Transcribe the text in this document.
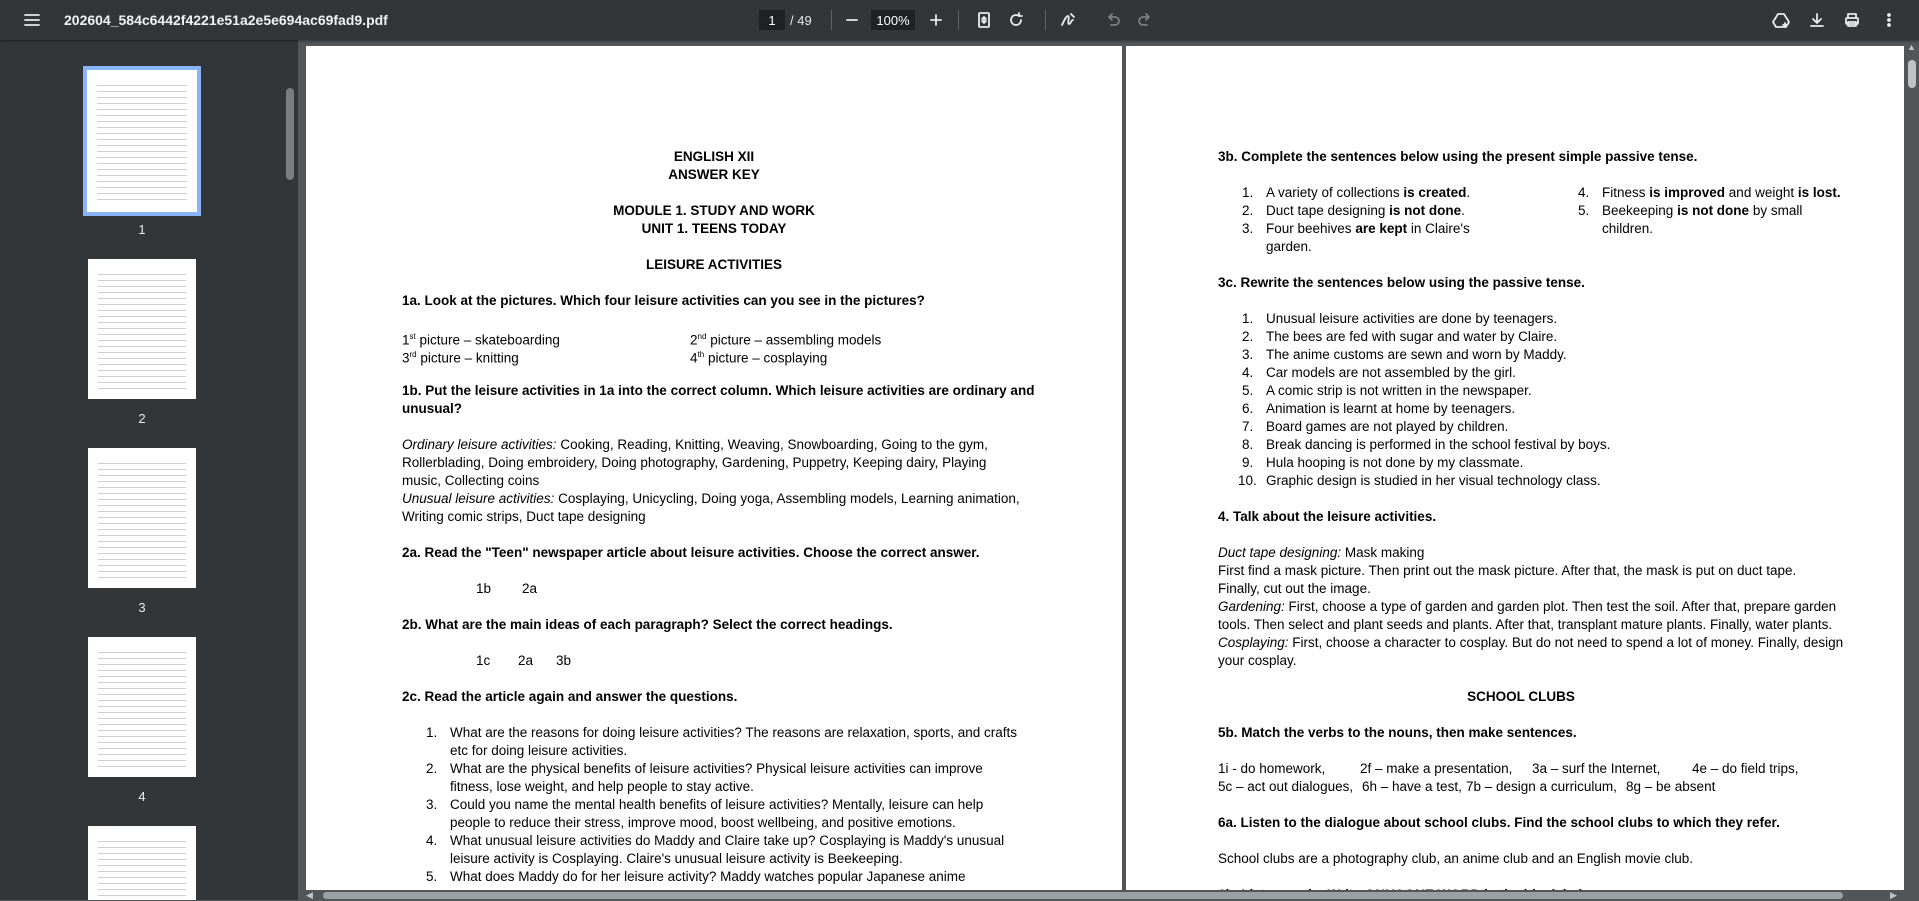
202604_584c6442f4221e51a2e5e694ac69fad9.pdf	1	/ 49	100%
1
2
3
4
ENGLISH XII
ANSWER KEY
MODULE 1. STUDY AND WORK
UNIT 1. TEENS TODAY
LEISURE ACTIVITIES
1a. Look at the pictures. Which four leisure activities can you see in the pictures?
1st picture – skateboarding	2nd picture – assembling models
3rd picture – knitting	4th picture – cosplaying
1b. Put the leisure activities in 1a into the correct column. Which leisure activities are ordinary and
unusual?
Ordinary leisure activities: Cooking, Reading, Knitting, Weaving, Snowboarding, Going to the gym,
Rollerblading, Doing embroidery, Doing photography, Gardening, Puppetry, Keeping dairy, Playing
music, Collecting coins
Unusual leisure activities: Cosplaying, Unicycling, Doing yoga, Assembling models, Learning animation,
Writing comic strips, Duct tape designing
2a. Read the "Teen" newspaper article about leisure activities. Choose the correct answer.
1b 2a
2b. What are the main ideas of each paragraph? Select the correct headings.
1c 2a 3b
2c. Read the article again and answer the questions.
1. What are the reasons for doing leisure activities? The reasons are relaxation, sports, and crafts
etc for doing leisure activities.
2. What are the physical benefits of leisure activities? Physical leisure activities can improve
fitness, lose weight, and help people to stay active.
3. Could you name the mental health benefits of leisure activities? Mentally, leisure can help
people to reduce their stress, improve mood, boost wellbeing, and positive emotions.
4. What unusual leisure activities do Maddy and Claire take up? Cosplaying is Maddy's unusual
leisure activity is Cosplaying. Claire's unusual leisure activity is Beekeeping.
5. What does Maddy do for her leisure activity? Maddy watches popular Japanese anime

3b. Complete the sentences below using the present simple passive tense.
1. A variety of collections is created.
2. Duct tape designing is not done.
3. Four beehives are kept in Claire's
garden.
4. Fitness is improved and weight is lost.
5. Beekeeping is not done by small
children.
3c. Rewrite the sentences below using the passive tense.
1. Unusual leisure activities are done by teenagers.
2. The bees are fed with sugar and water by Claire.
3. The anime customs are sewn and worn by Maddy.
4. Car models are not assembled by the girl.
5. A comic strip is not written in the newspaper.
6. Animation is learnt at home by teenagers.
7. Board games are not played by children.
8. Break dancing is performed in the school festival by boys.
9. Hula hooping is not done by my classmate.
10. Graphic design is studied in her visual technology class.
4. Talk about the leisure activities.
Duct tape designing: Mask making
First find a mask picture. Then print out the mask picture. After that, the mask is put on duct tape.
Finally, cut out the image.
Gardening: First, choose a type of garden and garden plot. Then test the soil. After that, prepare garden
tools. Then select and plant seeds and plants. After that, transplant mature plants. Finally, water plants.
Cosplaying: First, choose a character to cosplay. But do not need to spend a lot of money. Finally, design
your cosplay.
SCHOOL CLUBS
5b. Match the verbs to the nouns, then make sentences.
1i - do homework,	2f – make a presentation, 3a – surf the Internet, 4e – do field trips,
5c – act out dialogues, 6h – have a test, 7b – design a curriculum, 8g – be absent
6a. Listen to the dialogue about school clubs. Find the school clubs to which they refer.
School clubs are a photography club, an anime club and an English movie club.
▲
◀	▶
